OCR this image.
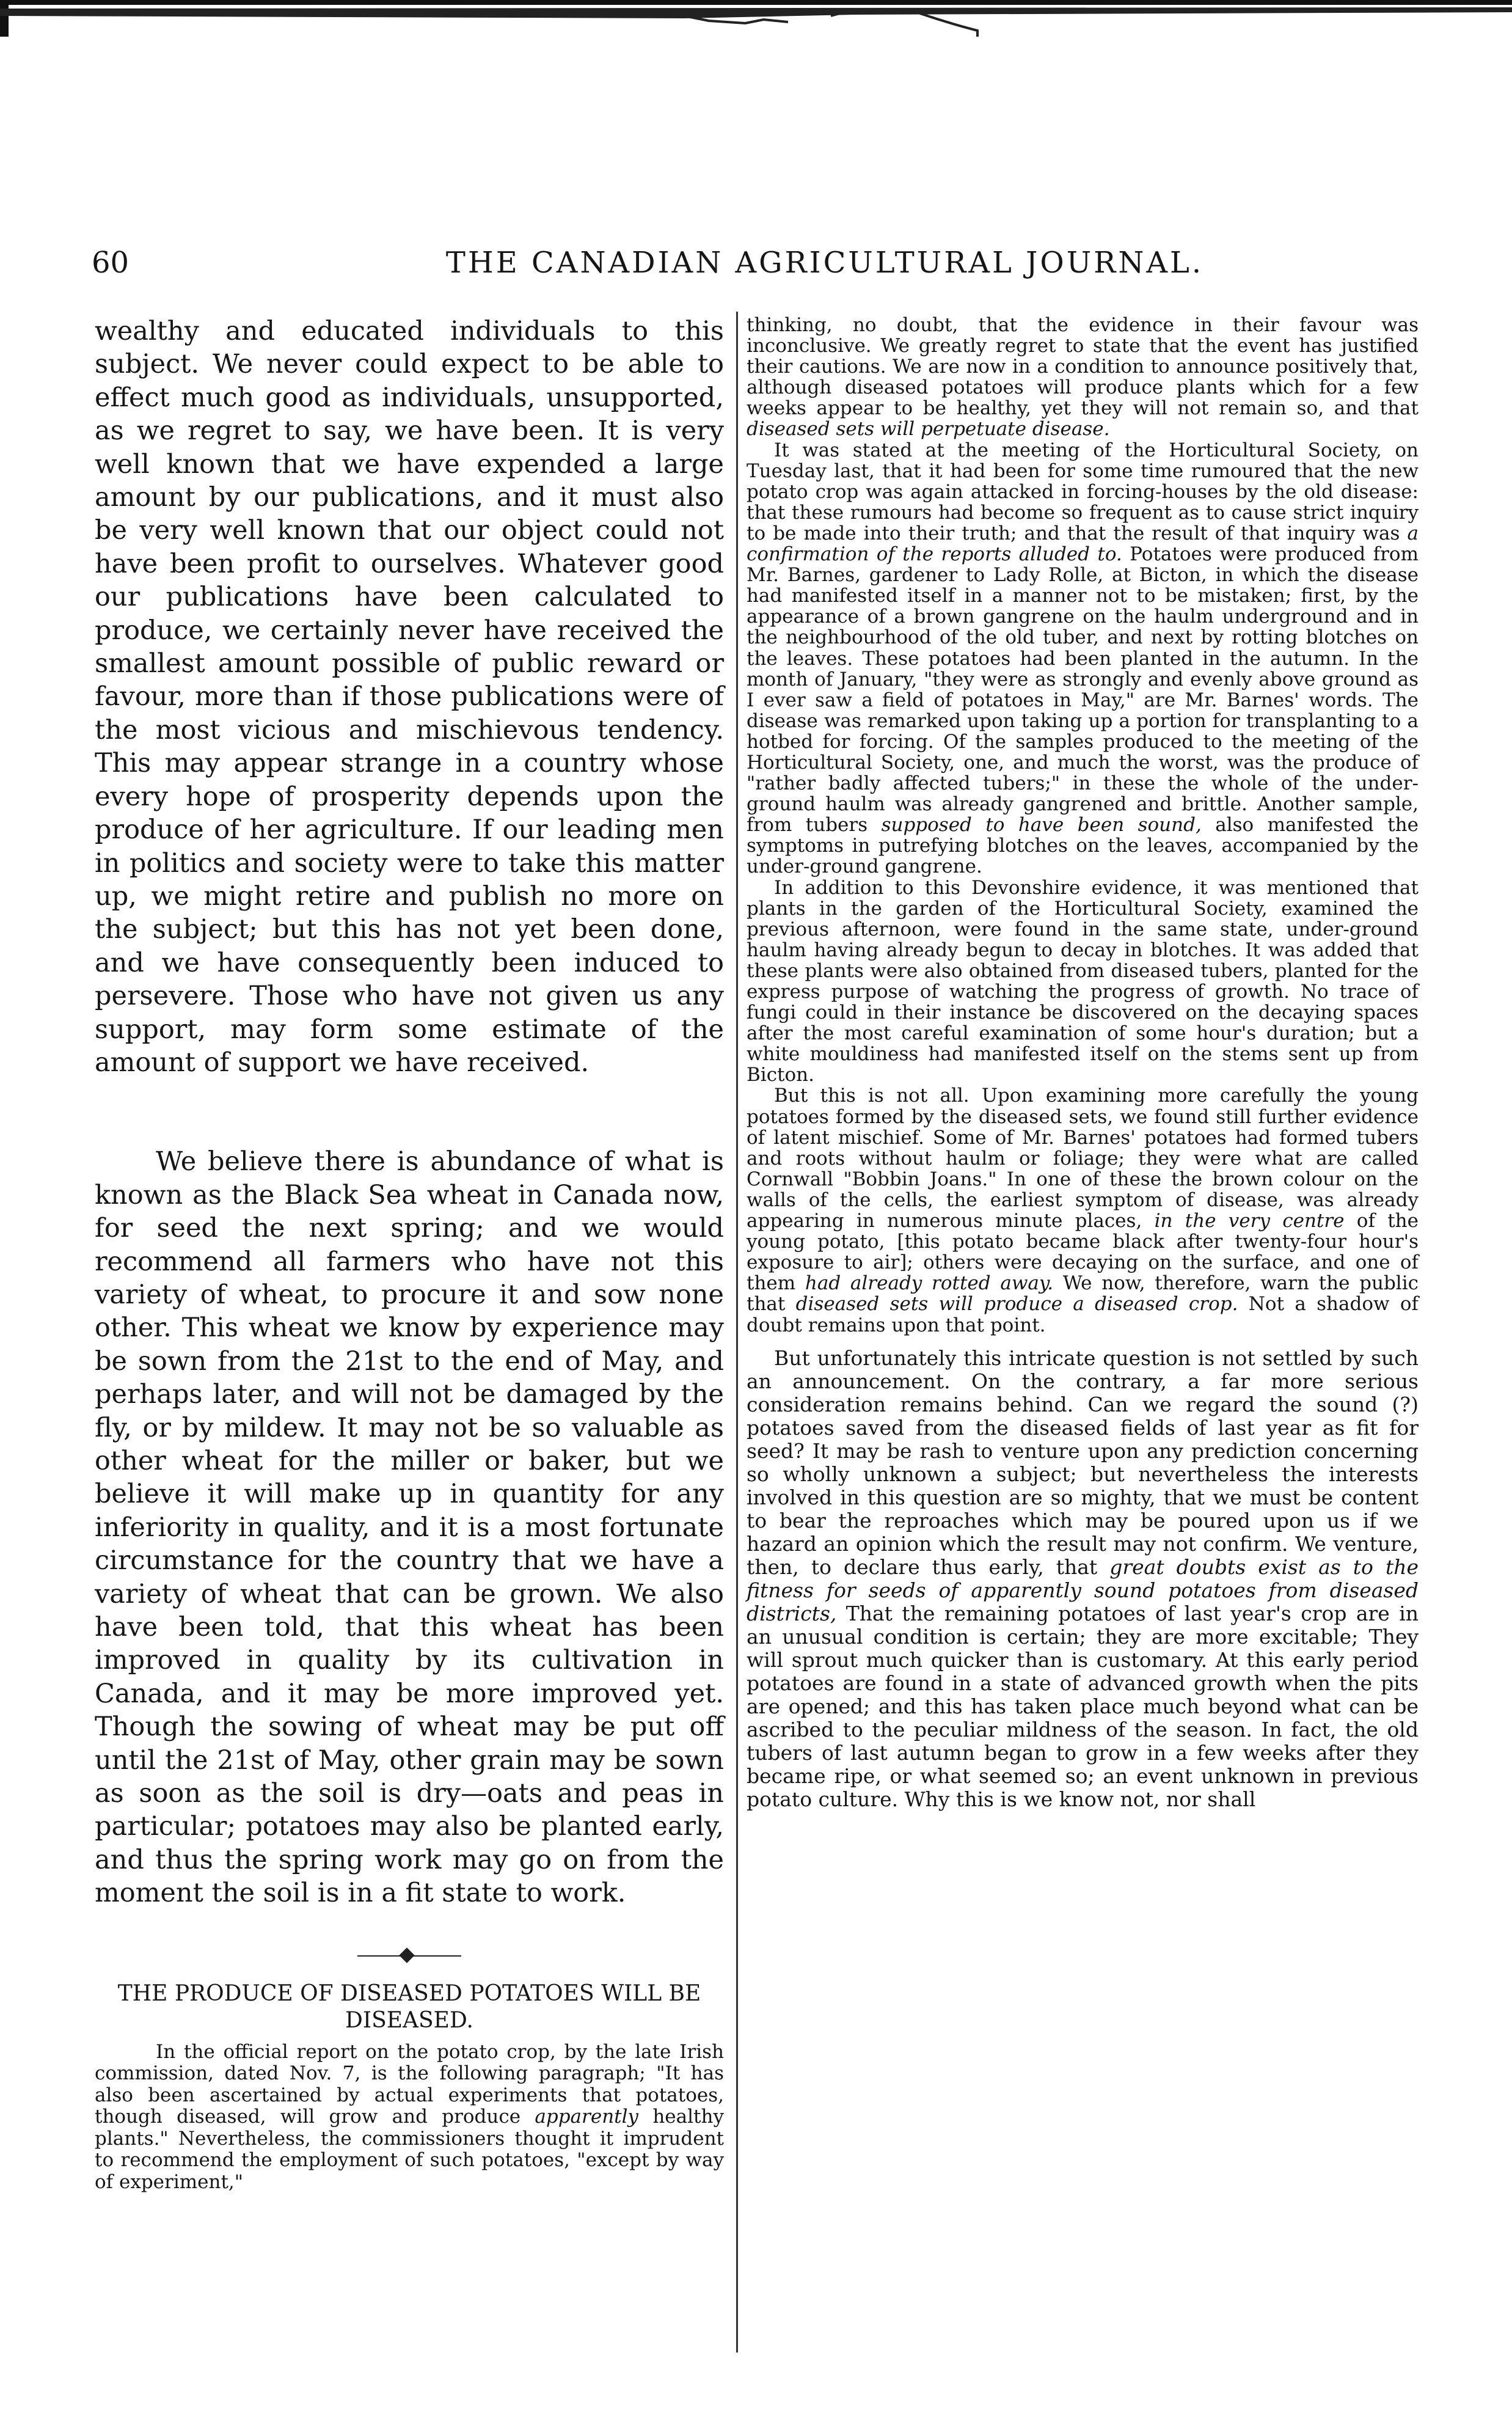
60	THE CANADIAN AGRICULTURAL JOURNAL.

wealthy and educated individuals to this subject. We never could expect to be able to effect much good as individuals, unsupported, as we regret to say, we have been. It is very well known that we have expended a large amount by our publications, and it must also be very well known that our object could not have been profit to ourselves. Whatever good our publications have been calculated to produce, we certainly never have received the smallest amount possible of public reward or favour, more than if those publications were of the most vicious and mischievous tendency. This may appear strange in a country whose every hope of prosperity depends upon the produce of her agriculture. If our leading men in politics and society were to take this matter up, we might retire and publish no more on the subject; but this has not yet been done, and we have consequently been induced to persevere. Those who have not given us any support, may form some estimate of the amount of support we have received.

We believe there is abundance of what is known as the Black Sea wheat in Canada now, for seed the next spring; and we would recommend all farmers who have not this variety of wheat, to procure it and sow none other. This wheat we know by experience may be sown from the 21st to the end of May, and perhaps later, and will not be damaged by the fly, or by mildew. It may not be so valuable as other wheat for the miller or baker, but we believe it will make up in quantity for any inferiority in quality, and it is a most fortunate circumstance for the country that we have a variety of wheat that can be grown. We also have been told, that this wheat has been improved in quality by its cultivation in Canada, and it may be more improved yet. Though the sowing of wheat may be put off until the 21st of May, other grain may be sown as soon as the soil is dry—oats and peas in particular; potatoes may also be planted early, and thus the spring work may go on from the moment the soil is in a fit state to work.

THE PRODUCE OF DISEASED POTATOES WILL BE DISEASED.

In the official report on the potato crop, by the late Irish commission, dated Nov. 7, is the following paragraph; "It has also been ascertained by actual experiments that potatoes, though diseased, will grow and produce apparently healthy plants." Nevertheless, the commissioners thought it imprudent to recommend the employment of such potatoes, "except by way of experiment,"

thinking, no doubt, that the evidence in their favour was inconclusive. We greatly regret to state that the event has justified their cautions. We are now in a condition to announce positively that, although diseased potatoes will produce plants which for a few weeks appear to be healthy, yet they will not remain so, and that diseased sets will perpetuate disease.

It was stated at the meeting of the Horticultural Society, on Tuesday last, that it had been for some time rumoured that the new potato crop was again attacked in forcing-houses by the old disease: that these rumours had become so frequent as to cause strict inquiry to be made into their truth; and that the result of that inquiry was a confirmation of the reports alluded to. Potatoes were produced from Mr. Barnes, gardener to Lady Rolle, at Bicton, in which the disease had manifested itself in a manner not to be mistaken; first, by the appearance of a brown gangrene on the haulm underground and in the neighbourhood of the old tuber, and next by rotting blotches on the leaves. These potatoes had been planted in the autumn. In the month of January, "they were as strongly and evenly above ground as I ever saw a field of potatoes in May," are Mr. Barnes' words. The disease was remarked upon taking up a portion for transplanting to a hotbed for forcing. Of the samples produced to the meeting of the Horticultural Society, one, and much the worst, was the produce of "rather badly affected tubers;" in these the whole of the under-ground haulm was already gangrened and brittle. Another sample, from tubers supposed to have been sound, also manifested the symptoms in putrefying blotches on the leaves, accompanied by the under-ground gangrene.

In addition to this Devonshire evidence, it was mentioned that plants in the garden of the Horticultural Society, examined the previous afternoon, were found in the same state, under-ground haulm having already begun to decay in blotches. It was added that these plants were also obtained from diseased tubers, planted for the express purpose of watching the progress of growth. No trace of fungi could in their instance be discovered on the decaying spaces after the most careful examination of some hour's duration; but a white mouldiness had manifested itself on the stems sent up from Bicton.

But this is not all. Upon examining more carefully the young potatoes formed by the diseased sets, we found still further evidence of latent mischief. Some of Mr. Barnes' potatoes had formed tubers and roots without haulm or foliage; they were what are called Cornwall "Bobbin Joans." In one of these the brown colour on the walls of the cells, the earliest symptom of disease, was already appearing in numerous minute places, in the very centre of the young potato, [this potato became black after twenty-four hour's exposure to air]; others were decaying on the surface, and one of them had already rotted away. We now, therefore, warn the public that diseased sets will produce a diseased crop. Not a shadow of doubt remains upon that point.

But unfortunately this intricate question is not settled by such an announcement. On the contrary, a far more serious consideration remains behind. Can we regard the sound (?) potatoes saved from the diseased fields of last year as fit for seed? It may be rash to venture upon any prediction concerning so wholly unknown a subject; but nevertheless the interests involved in this question are so mighty, that we must be content to bear the reproaches which may be poured upon us if we hazard an opinion which the result may not confirm. We venture, then, to declare thus early, that great doubts exist as to the fitness for seeds of apparently sound potatoes from diseased districts, That the remaining potatoes of last year's crop are in an unusual condition is certain; they are more excitable; They will sprout much quicker than is customary. At this early period potatoes are found in a state of advanced growth when the pits are opened; and this has taken place much beyond what can be ascribed to the peculiar mildness of the season. In fact, the old tubers of last autumn began to grow in a few weeks after they became ripe, or what seemed so; an event unknown in previous potato culture. Why this is we know not, nor shall
